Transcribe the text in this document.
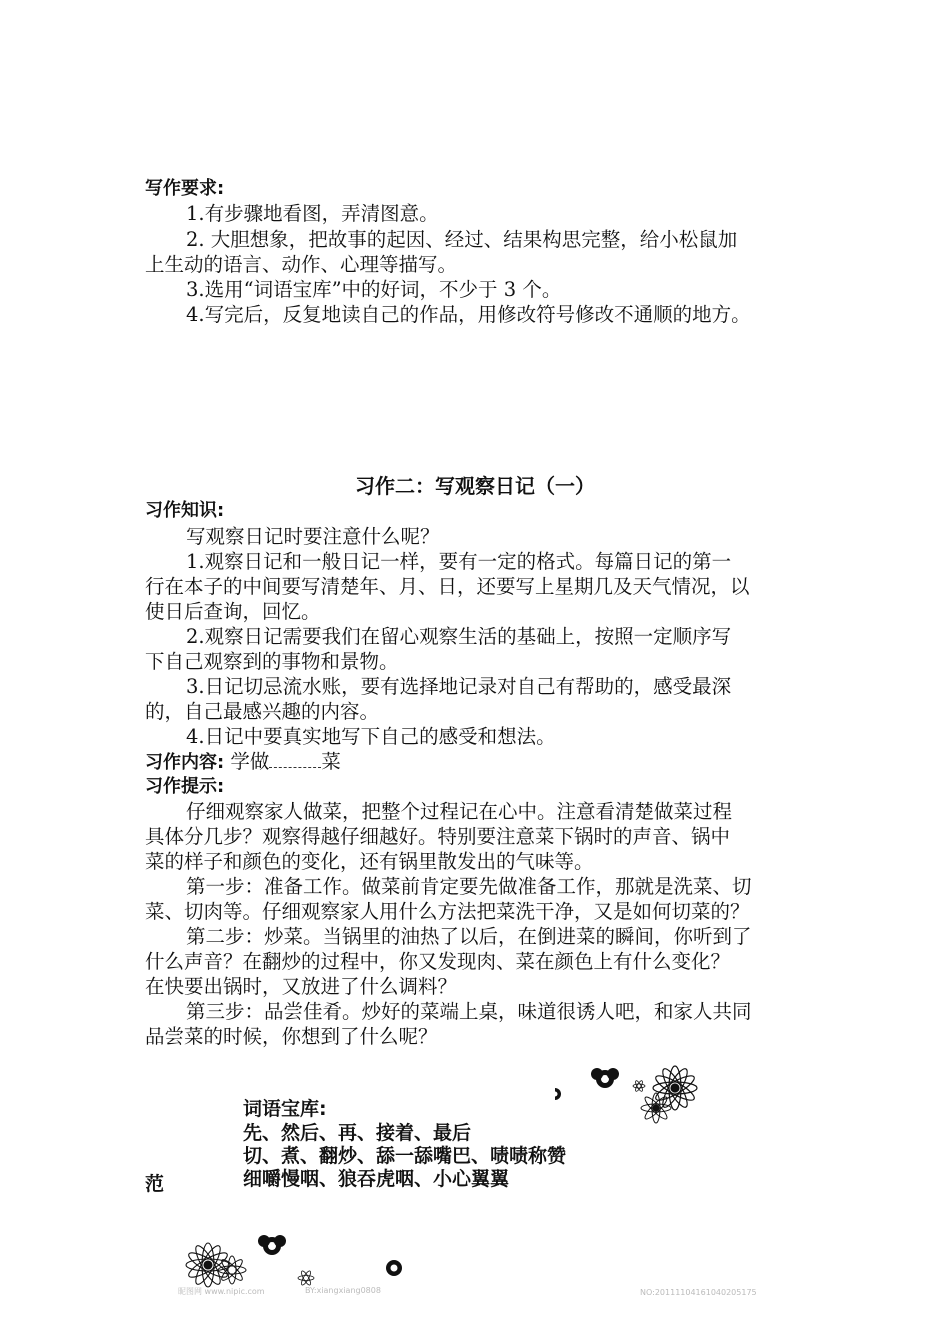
写作要求:
1.有步骤地看图，弄清图意。
2. 大胆想象，把故事的起因、经过、结果构思完整，给小松鼠加
上生动的语言、动作、心理等描写。
3.选用“词语宝库”中的好词，不少于 3 个。
4.写完后，反复地读自己的作品，用修改符号修改不通顺的地方。
习作二：写观察日记（一）
习作知识:
写观察日记时要注意什么呢？
1.观察日记和一般日记一样，要有一定的格式。每篇日记的第一
行在本子的中间要写清楚年、月、日，还要写上星期几及天气情况，以
使日后查询，回忆。
2.观察日记需要我们在留心观察生活的基础上，按照一定顺序写
下自己观察到的事物和景物。
3.日记切忌流水账，要有选择地记录对自己有帮助的，感受最深
的，自己最感兴趣的内容。
4.日记中要真实地写下自己的感受和想法。
习作内容: 学做	菜
习作提示:
仔细观察家人做菜，把整个过程记在心中。注意看清楚做菜过程
具体分几步？观察得越仔细越好。特别要注意菜下锅时的声音、锅中
菜的样子和颜色的变化，还有锅里散发出的气味等。
第一步：准备工作。做菜前肯定要先做准备工作，那就是洗菜、切
菜、切肉等。仔细观察家人用什么方法把菜洗干净，又是如何切菜的？
第二步：炒菜。当锅里的油热了以后，在倒进菜的瞬间，你听到了
什么声音？在翻炒的过程中，你又发现肉、菜在颜色上有什么变化？
在快要出锅时，又放进了什么调料？
第三步：品尝佳肴。炒好的菜端上桌，味道很诱人吧，和家人共同
品尝菜的时候，你想到了什么呢？
范
词语宝库:
先、然后、再、接着、最后
切、煮、翻炒、舔一舔嘴巴、啧啧称赞
细嚼慢咽、狼吞虎咽、小心翼翼
昵图网 www.nipic.com	BY:xiangxiang0808	NO:20111104161040205175
